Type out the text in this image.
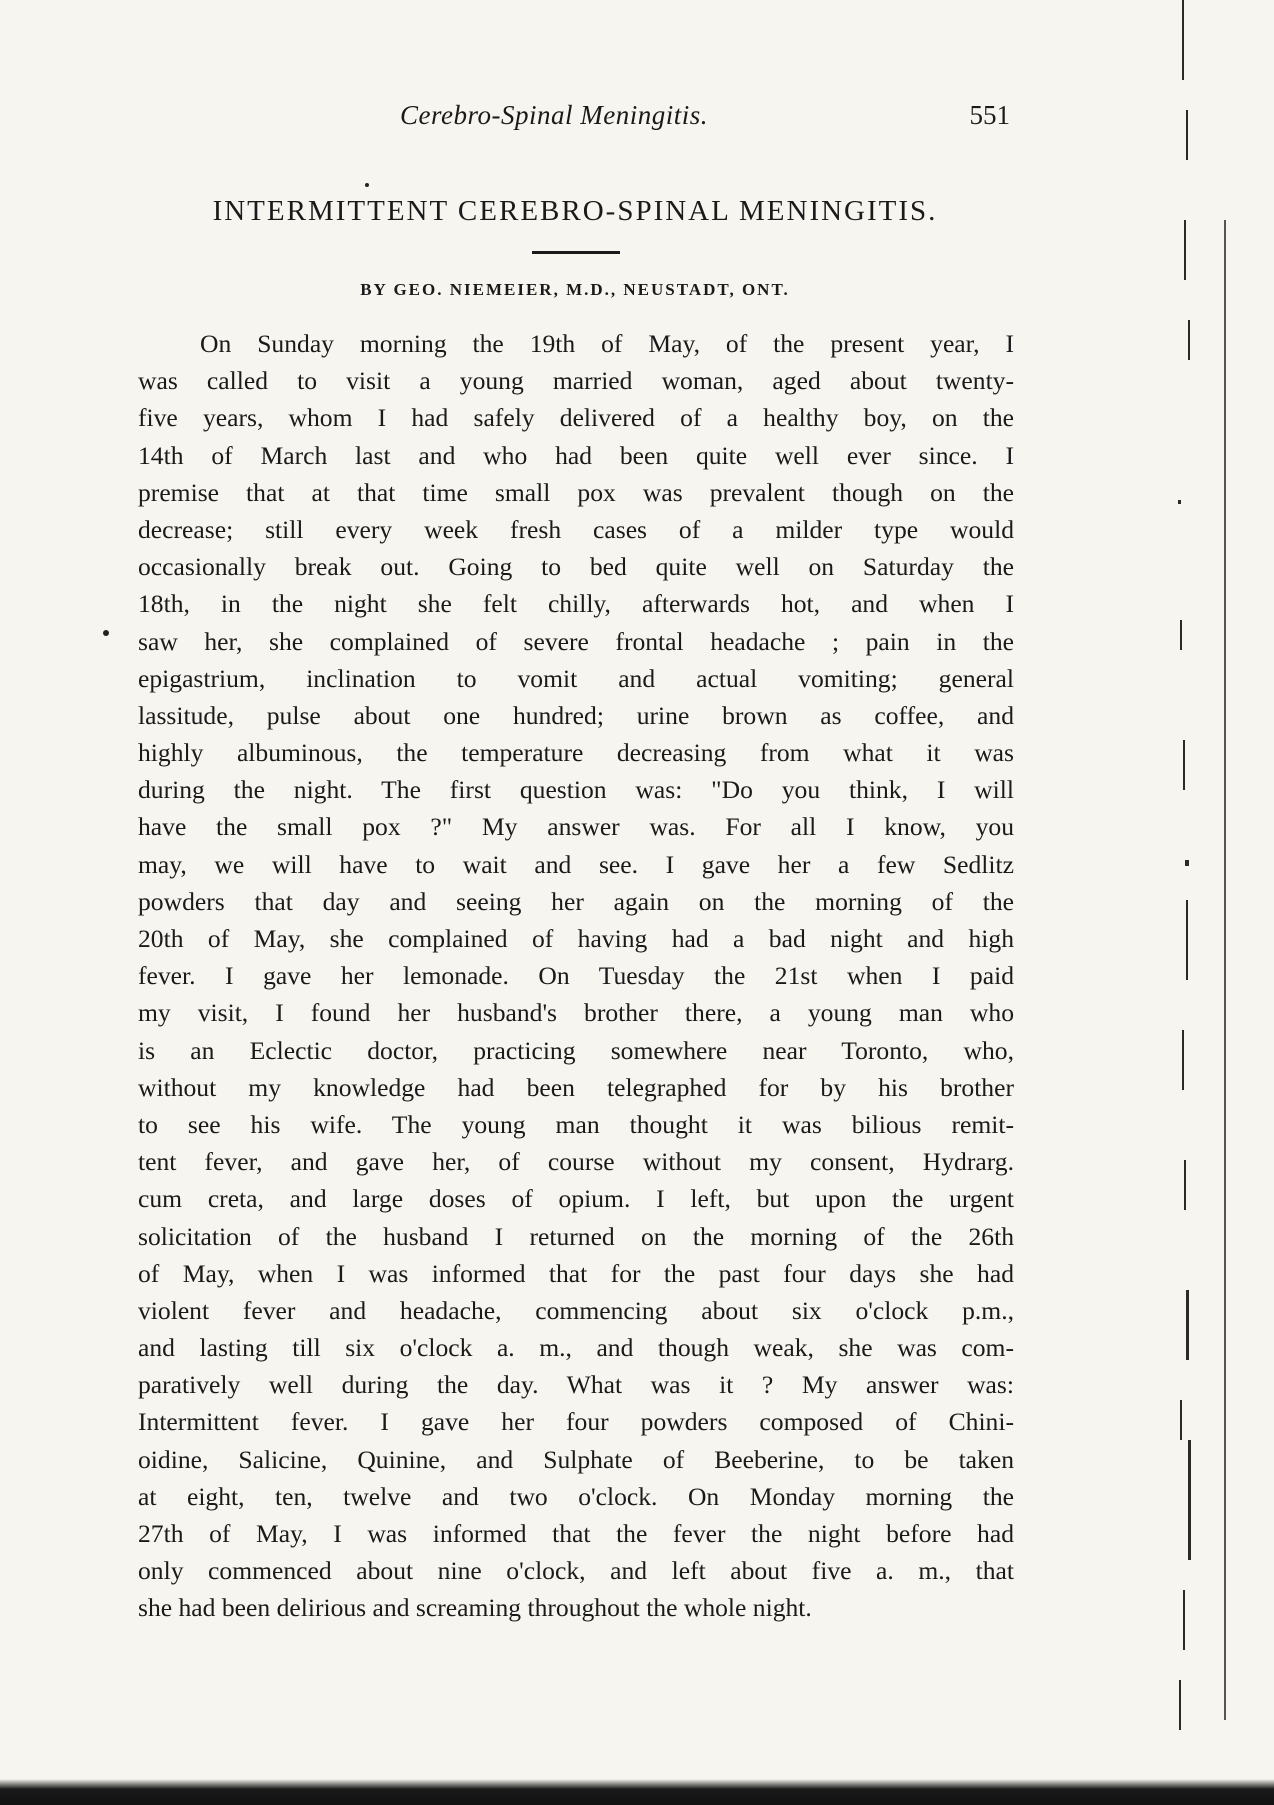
Cerebro-Spinal Meningitis.	551
INTERMITTENT CEREBRO-SPINAL MENINGITIS.
BY GEO. NIEMEIER, M.D., NEUSTADT, ONT.
On Sunday morning the 19th of May, of the present year, I
was called to visit a young married woman, aged about twenty-
five years, whom I had safely delivered of a healthy boy, on the
14th of March last and who had been quite well ever since. I
premise that at that time small pox was prevalent though on the
decrease; still every week fresh cases of a milder type would
occasionally break out. Going to bed quite well on Saturday the
18th, in the night she felt chilly, afterwards hot, and when I
saw her, she complained of severe frontal headache ; pain in the
epigastrium, inclination to vomit and actual vomiting; general
lassitude, pulse about one hundred; urine brown as coffee, and
highly albuminous, the temperature decreasing from what it was
during the night. The first question was: "Do you think, I will
have the small pox ?" My answer was. For all I know, you
may, we will have to wait and see. I gave her a few Sedlitz
powders that day and seeing her again on the morning of the
20th of May, she complained of having had a bad night and high
fever. I gave her lemonade. On Tuesday the 21st when I paid
my visit, I found her husband's brother there, a young man who
is an Eclectic doctor, practicing somewhere near Toronto, who,
without my knowledge had been telegraphed for by his brother
to see his wife. The young man thought it was bilious remit-
tent fever, and gave her, of course without my consent, Hydrarg.
cum creta, and large doses of opium. I left, but upon the urgent
solicitation of the husband I returned on the morning of the 26th
of May, when I was informed that for the past four days she had
violent fever and headache, commencing about six o'clock p.m.,
and lasting till six o'clock a. m., and though weak, she was com-
paratively well during the day. What was it ? My answer was:
Intermittent fever. I gave her four powders composed of Chini-
oidine, Salicine, Quinine, and Sulphate of Beeberine, to be taken
at eight, ten, twelve and two o'clock. On Monday morning the
27th of May, I was informed that the fever the night before had
only commenced about nine o'clock, and left about five a. m., that
she had been delirious and screaming throughout the whole night.
